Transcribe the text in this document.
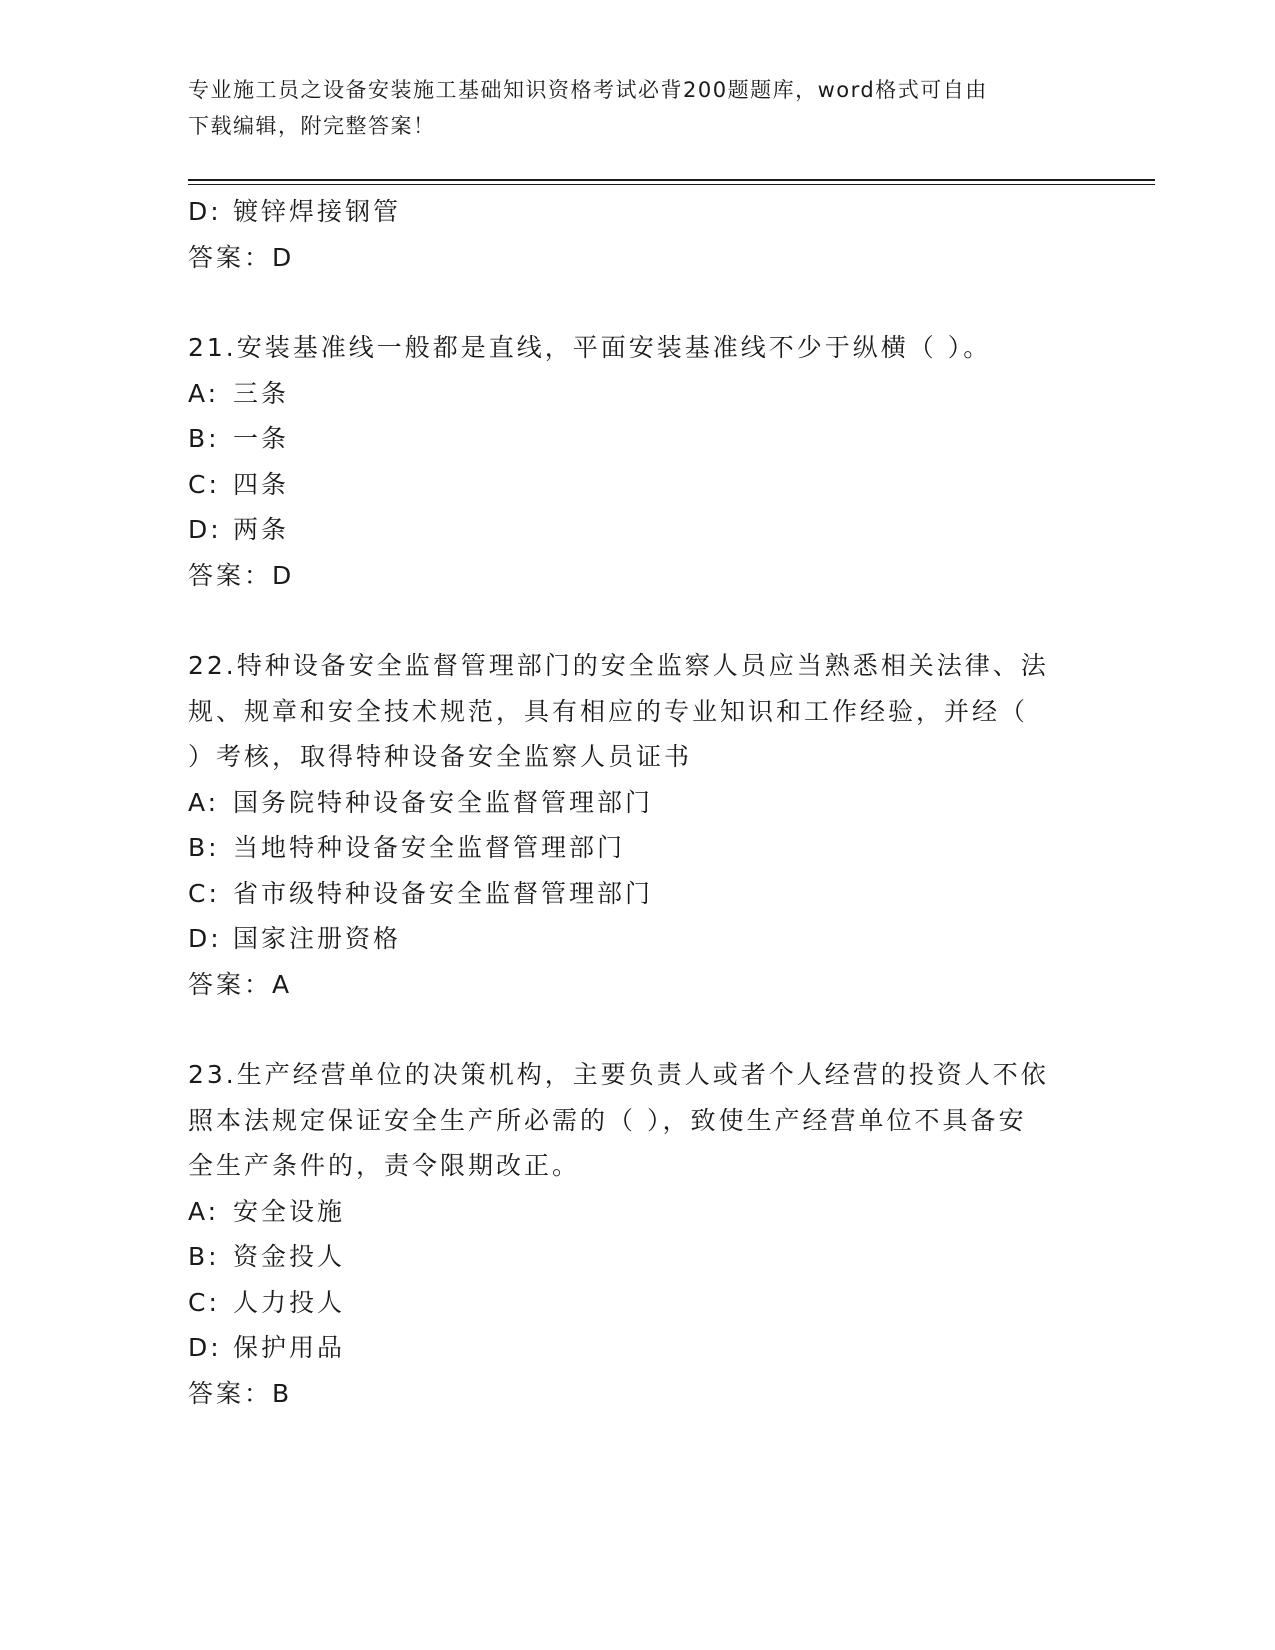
专业施工员之设备安装施工基础知识资格考试必背200题题库，word格式可自由
下载编辑，附完整答案！
D: 镀锌焊接钢管
答案：D
21.安装基准线一般都是直线，平面安装基准线不少于纵横（ ）。
A: 三条
B: 一条
C: 四条
D: 两条
答案：D
22.特种设备安全监督管理部门的安全监察人员应当熟悉相关法律、法
规、规章和安全技术规范，具有相应的专业知识和工作经验，并经（
）考核，取得特种设备安全监察人员证书
A: 国务院特种设备安全监督管理部门
B: 当地特种设备安全监督管理部门
C: 省市级特种设备安全监督管理部门
D: 国家注册资格
答案：A
23.生产经营单位的决策机构，主要负责人或者个人经营的投资人不依
照本法规定保证安全生产所必需的（ ），致使生产经营单位不具备安
全生产条件的，责令限期改正。
A: 安全设施
B: 资金投人
C: 人力投人
D: 保护用品
答案：B
